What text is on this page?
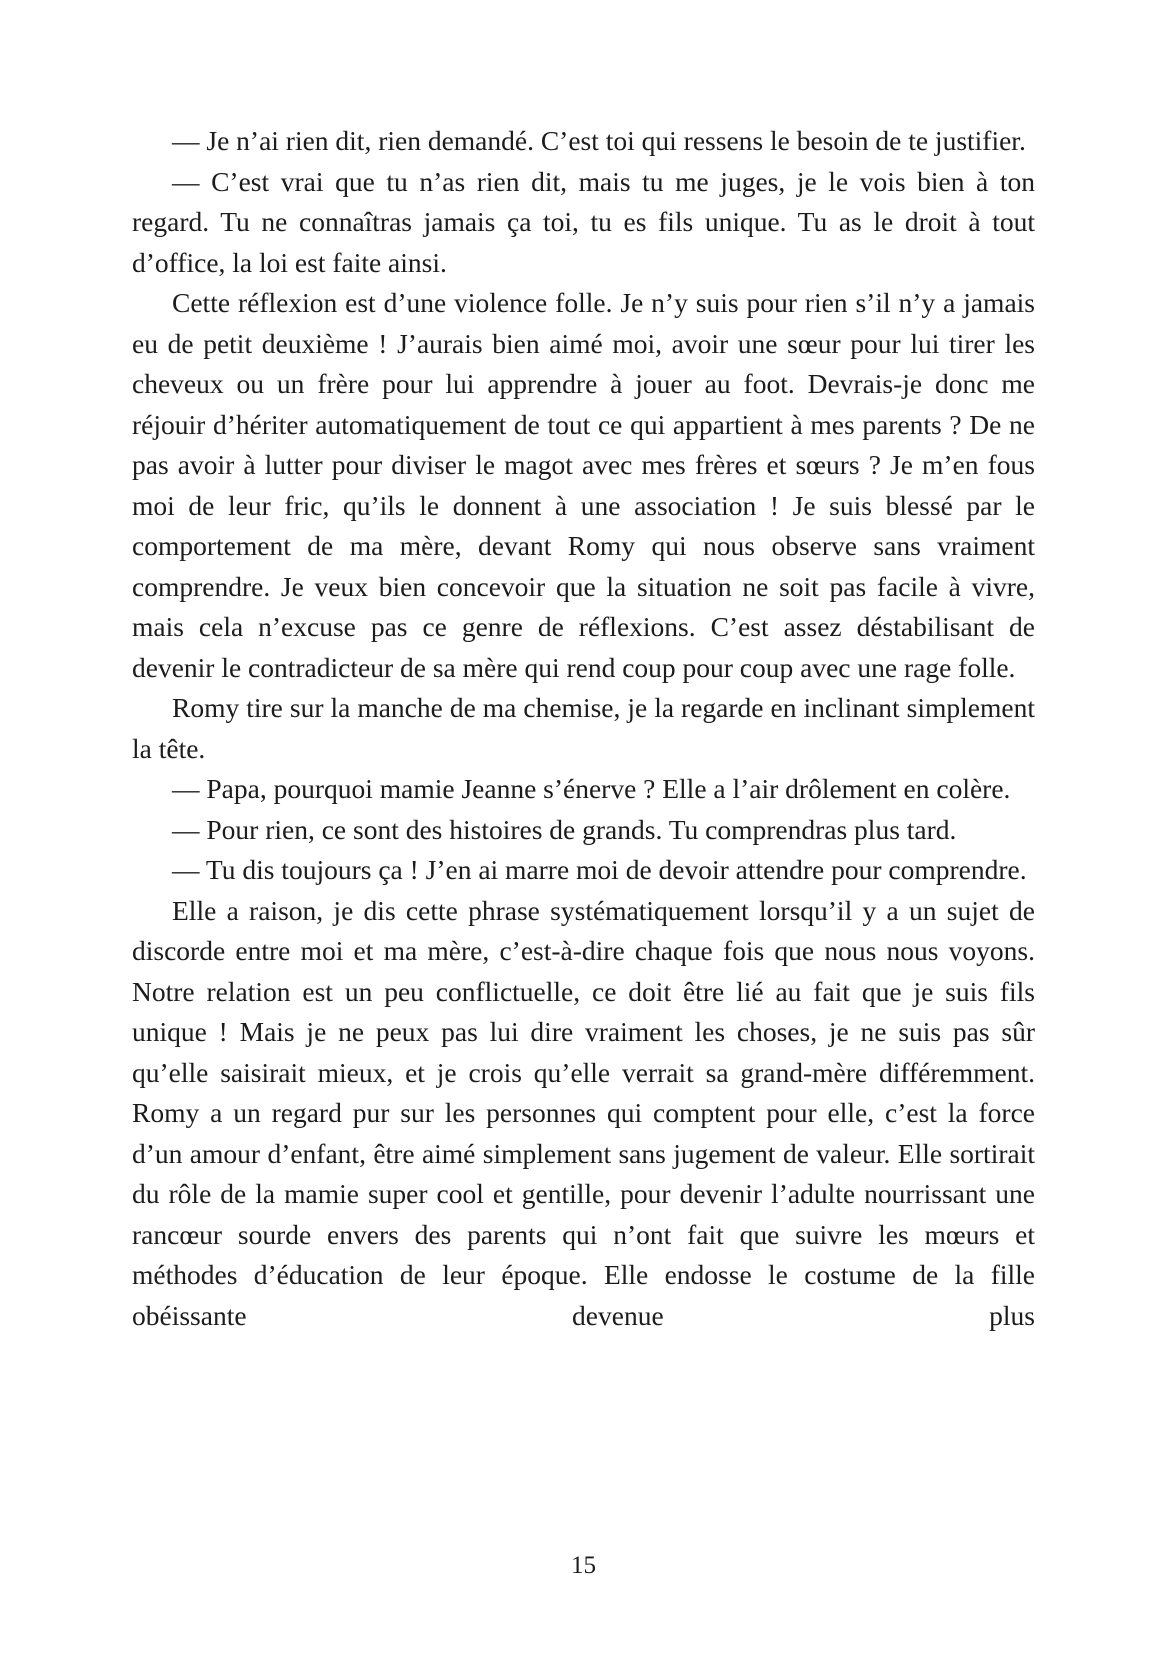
— Je n’ai rien dit, rien demandé. C’est toi qui ressens le besoin de te justifier.

— C’est vrai que tu n’as rien dit, mais tu me juges, je le vois bien à ton regard. Tu ne connaîtras jamais ça toi, tu es fils unique. Tu as le droit à tout d’office, la loi est faite ainsi.

Cette réflexion est d’une violence folle. Je n’y suis pour rien s’il n’y a jamais eu de petit deuxième ! J’aurais bien aimé moi, avoir une sœur pour lui tirer les cheveux ou un frère pour lui apprendre à jouer au foot. Devrais-je donc me réjouir d’hériter automatiquement de tout ce qui appartient à mes parents ? De ne pas avoir à lutter pour diviser le magot avec mes frères et sœurs ? Je m’en fous moi de leur fric, qu’ils le donnent à une association ! Je suis blessé par le comportement de ma mère, devant Romy qui nous observe sans vraiment comprendre. Je veux bien concevoir que la situation ne soit pas facile à vivre, mais cela n’excuse pas ce genre de réflexions. C’est assez déstabilisant de devenir le contradicteur de sa mère qui rend coup pour coup avec une rage folle.

Romy tire sur la manche de ma chemise, je la regarde en inclinant simplement la tête.

— Papa, pourquoi mamie Jeanne s’énerve ? Elle a l’air drôlement en colère.

— Pour rien, ce sont des histoires de grands. Tu comprendras plus tard.

— Tu dis toujours ça ! J’en ai marre moi de devoir attendre pour comprendre.

Elle a raison, je dis cette phrase systématiquement lorsqu’il y a un sujet de discorde entre moi et ma mère, c’est-à-dire chaque fois que nous nous voyons. Notre relation est un peu conflictuelle, ce doit être lié au fait que je suis fils unique ! Mais je ne peux pas lui dire vraiment les choses, je ne suis pas sûr qu’elle saisirait mieux, et je crois qu’elle verrait sa grand-mère différemment. Romy a un regard pur sur les personnes qui comptent pour elle, c’est la force d’un amour d’enfant, être aimé simplement sans jugement de valeur. Elle sortirait du rôle de la mamie super cool et gentille, pour devenir l’adulte nourrissant une rancœur sourde envers des parents qui n’ont fait que suivre les mœurs et méthodes d’éducation de leur époque. Elle endosse le costume de la fille obéissante devenue plus

15
